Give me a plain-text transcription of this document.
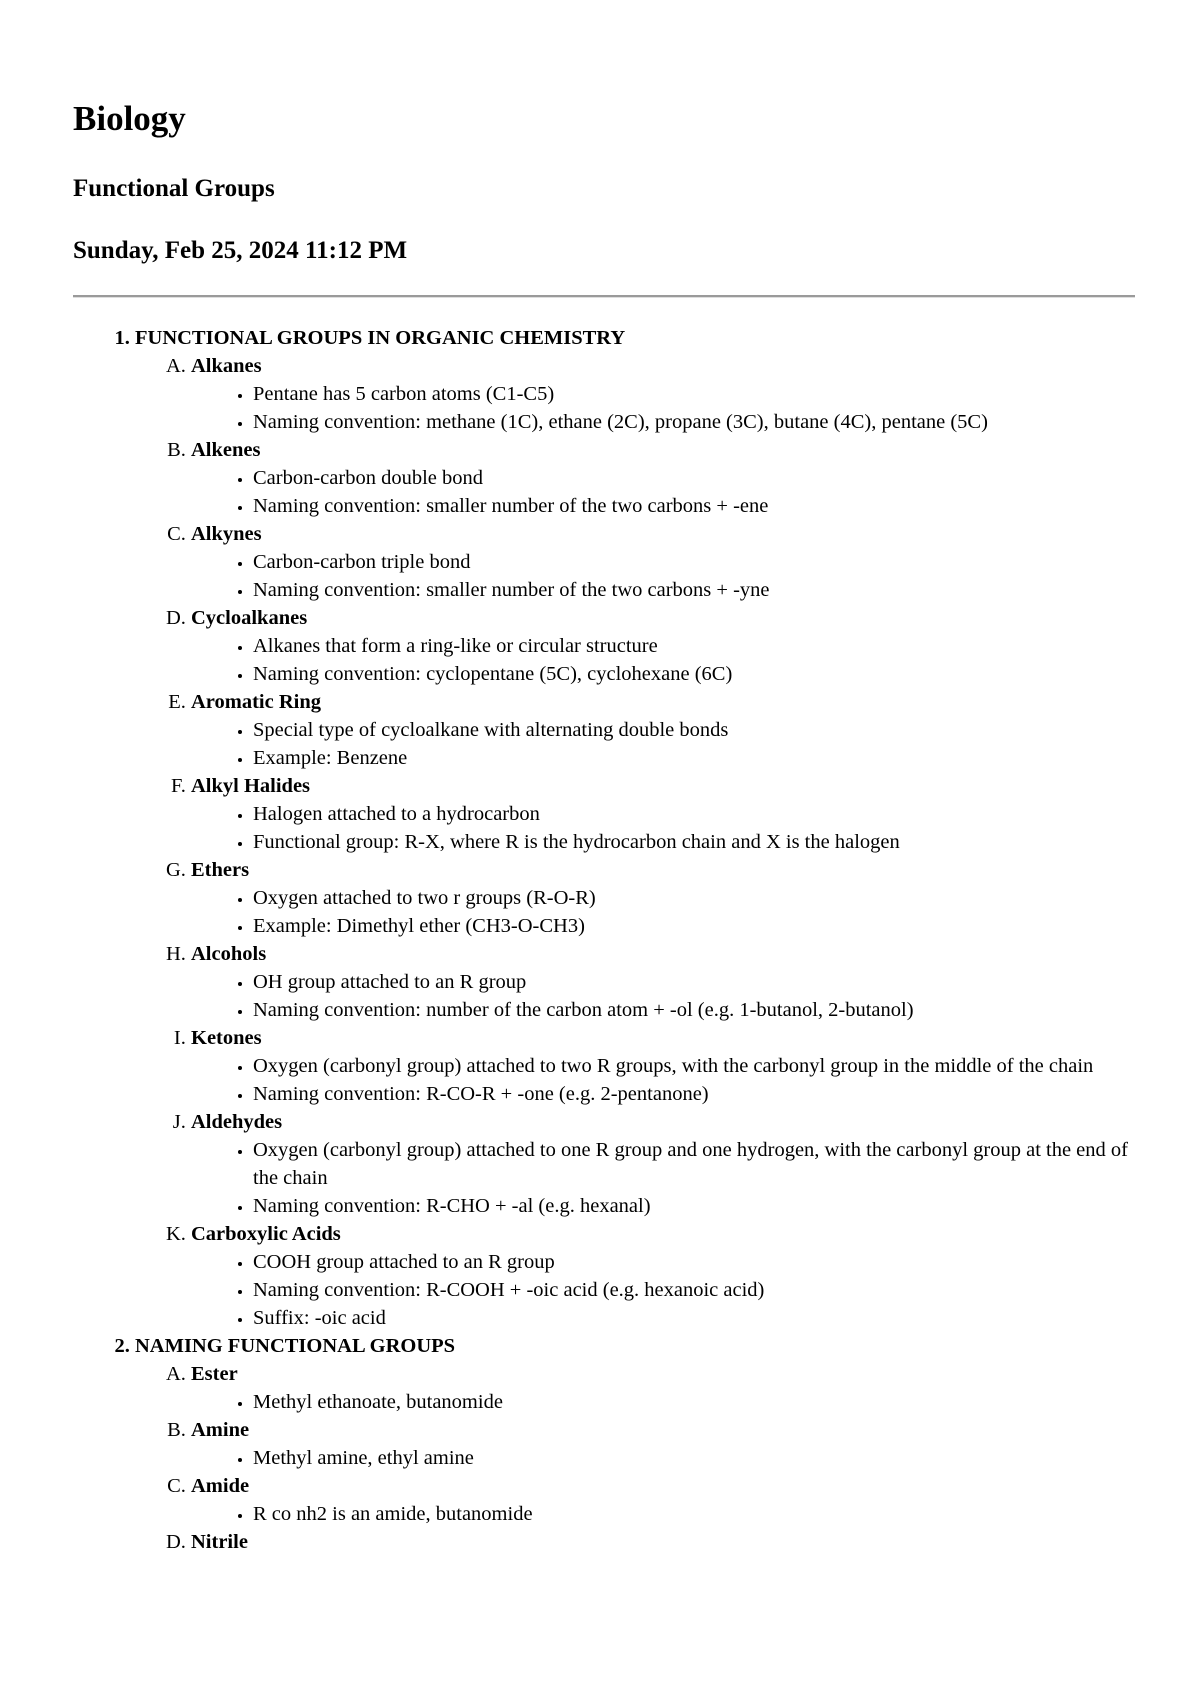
Biology
Functional Groups
Sunday, Feb 25, 2024 11:12 PM
1. FUNCTIONAL GROUPS IN ORGANIC CHEMISTRY
A. Alkanes
• Pentane has 5 carbon atoms (C1-C5)
• Naming convention: methane (1C), ethane (2C), propane (3C), butane (4C), pentane (5C)
B. Alkenes
• Carbon-carbon double bond
• Naming convention: smaller number of the two carbons + -ene
C. Alkynes
• Carbon-carbon triple bond
• Naming convention: smaller number of the two carbons + -yne
D. Cycloalkanes
• Alkanes that form a ring-like or circular structure
• Naming convention: cyclopentane (5C), cyclohexane (6C)
E. Aromatic Ring
• Special type of cycloalkane with alternating double bonds
• Example: Benzene
F. Alkyl Halides
• Halogen attached to a hydrocarbon
• Functional group: R-X, where R is the hydrocarbon chain and X is the halogen
G. Ethers
• Oxygen attached to two r groups (R-O-R)
• Example: Dimethyl ether (CH3-O-CH3)
H. Alcohols
• OH group attached to an R group
• Naming convention: number of the carbon atom + -ol (e.g. 1-butanol, 2-butanol)
I. Ketones
• Oxygen (carbonyl group) attached to two R groups, with the carbonyl group in the middle of the chain
• Naming convention: R-CO-R + -one (e.g. 2-pentanone)
J. Aldehydes
• Oxygen (carbonyl group) attached to one R group and one hydrogen, with the carbonyl group at the end of the chain
• Naming convention: R-CHO + -al (e.g. hexanal)
K. Carboxylic Acids
• COOH group attached to an R group
• Naming convention: R-COOH + -oic acid (e.g. hexanoic acid)
• Suffix: -oic acid
2. NAMING FUNCTIONAL GROUPS
A. Ester
• Methyl ethanoate, butanomide
B. Amine
• Methyl amine, ethyl amine
C. Amide
• R co nh2 is an amide, butanomide
D. Nitrile
